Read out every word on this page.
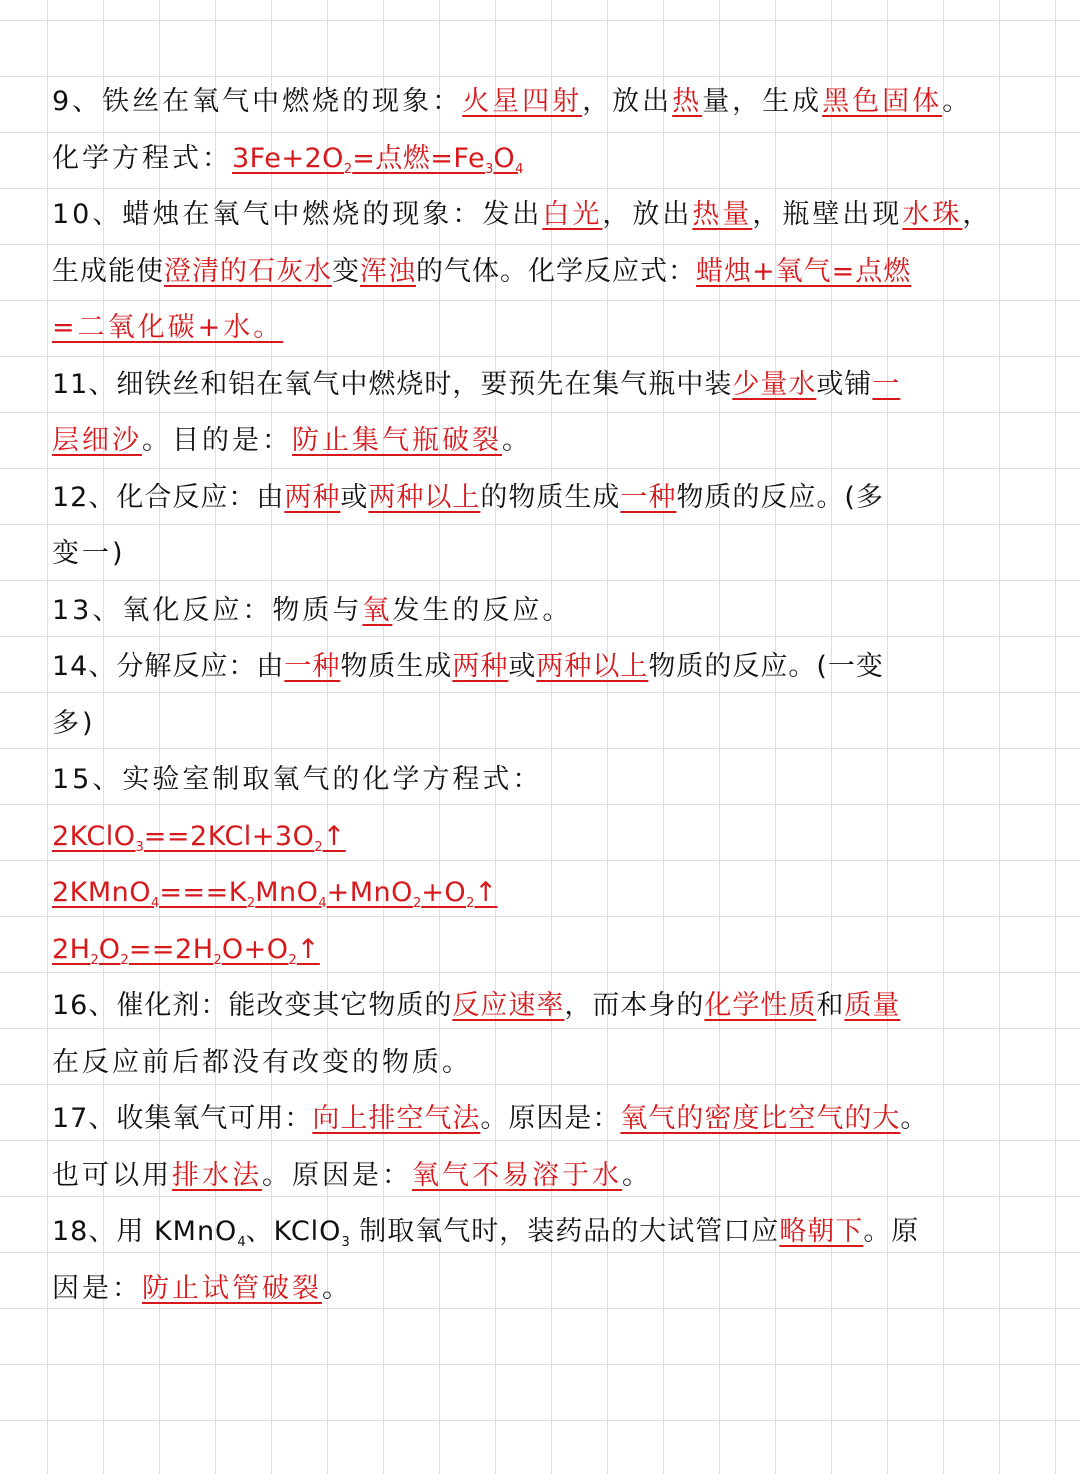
9、铁丝在氧气中燃烧的现象：火星四射，放出热量，生成黑色固体。
化学方程式：$3Fe+2O_2=$点燃$=Fe_3O_4$
10、蜡烛在氧气中燃烧的现象：发出白光，放出热量，瓶壁出现水珠，
生成能使澄清的石灰水变浑浊的气体。化学反应式：蜡烛+氧气=点燃
=二氧化碳+水。
11、细铁丝和铝在氧气中燃烧时，要预先在集气瓶中装少量水或铺一
层细沙。目的是：防止集气瓶破裂。
12、化合反应：由两种或两种以上的物质生成一种物质的反应。(多
变一)
13、氧化反应：物质与氧发生的反应。
14、分解反应：由一种物质生成两种或两种以上物质的反应。(一变
多)
15、实验室制取氧气的化学方程式：
$2KClO_3==2KCl+3O_2↑$
$2KMnO_4===K_2MnO_4+MnO_2+O_2↑$
$2H_2O_2==2H_2O+O_2↑$
16、催化剂：能改变其它物质的反应速率，而本身的化学性质和质量
在反应前后都没有改变的物质。
17、收集氧气可用：向上排空气法。原因是：氧气的密度比空气的大。
也可以用排水法。原因是：氧气不易溶于水。
18、用 KMnO$_4$、KClO$_3$ 制取氧气时，装药品的大试管口应略朝下。原
因是：防止试管破裂。
